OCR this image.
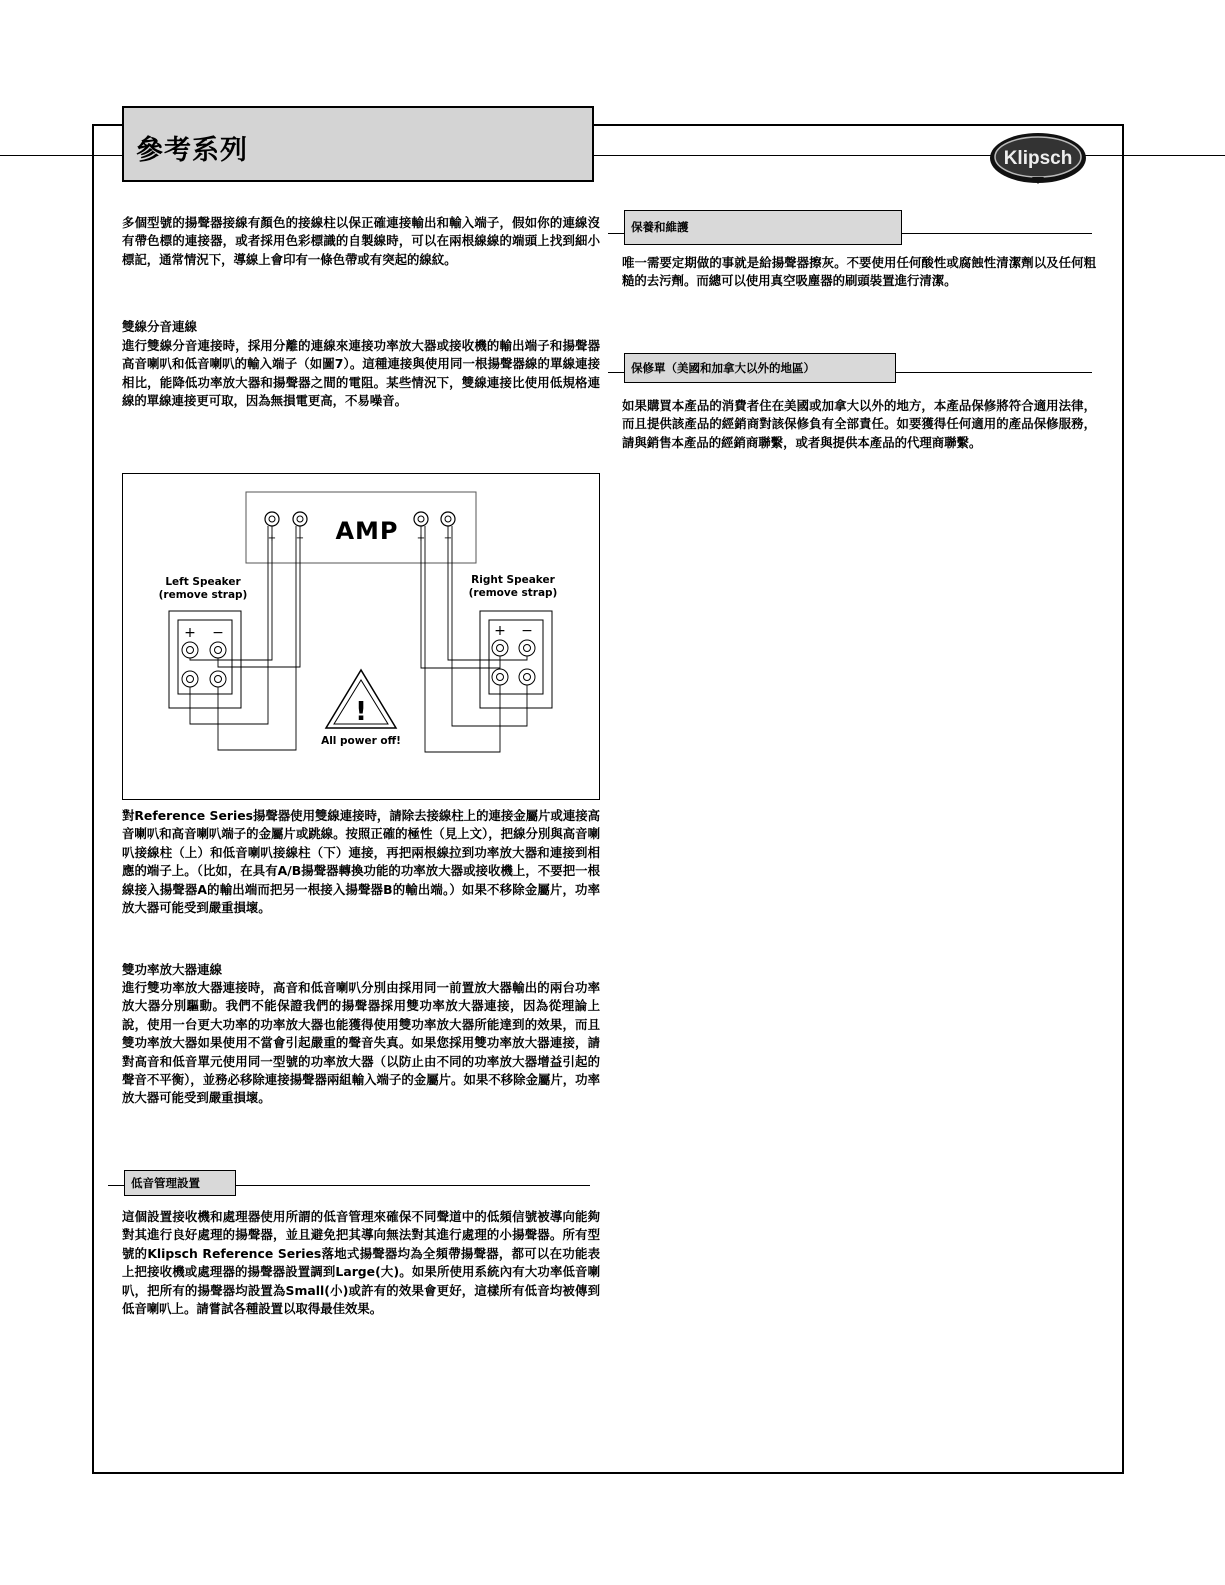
參考系列	Klipsch
多個型號的揚聲器接線有顏色的接線柱以保正確連接輸出和輸入端子，假如你的連線沒有帶色標的連接器，或者採用色彩標識的自製線時，可以在兩根線線的端頭上找到細小標記，通常情況下，導線上會印有一條色帶或有突起的線紋。
雙線分音連線
進行雙線分音連接時，採用分離的連線來連接功率放大器或接收機的輸出端子和揚聲器高音喇叭和低音喇叭的輸入端子（如圖7）。這種連接與使用同一根揚聲器線的單線連接相比，能降低功率放大器和揚聲器之間的電阻。某些情況下，雙線連接比使用低規格連線的單線連接更可取，因為無損電更高，不易噪音。
AMP
+ −	+ −
Left Speaker
(remove strap)
Right Speaker
(remove strap)
+ −	+ −
!
All power off!
對Reference Series揚聲器使用雙線連接時，請除去接線柱上的連接金屬片或連接高音喇叭和高音喇叭端子的金屬片或跳線。按照正確的極性（見上文），把線分別與高音喇叭接線柱（上）和低音喇叭接線柱（下）連接，再把兩根線拉到功率放大器和連接到相應的端子上。（比如，在具有A/B揚聲器轉換功能的功率放大器或接收機上，不要把一根線接入揚聲器A的輸出端而把另一根接入揚聲器B的輸出端。）如果不移除金屬片，功率放大器可能受到嚴重損壞。
雙功率放大器連線
進行雙功率放大器連接時，高音和低音喇叭分別由採用同一前置放大器輸出的兩台功率放大器分別驅動。我們不能保證我們的揚聲器採用雙功率放大器連接，因為從理論上說，使用一台更大功率的功率放大器也能獲得使用雙功率放大器所能達到的效果，而且雙功率放大器如果使用不當會引起嚴重的聲音失真。如果您採用雙功率放大器連接，請對高音和低音單元使用同一型號的功率放大器（以防止由不同的功率放大器增益引起的聲音不平衡），並務必移除連接揚聲器兩組輸入端子的金屬片。如果不移除金屬片，功率放大器可能受到嚴重損壞。
低音管理設置
這個設置接收機和處理器使用所謂的低音管理來確保不同聲道中的低頻信號被導向能夠對其進行良好處理的揚聲器，並且避免把其導向無法對其進行處理的小揚聲器。所有型號的Klipsch Reference Series落地式揚聲器均為全頻帶揚聲器，都可以在功能表上把接收機或處理器的揚聲器設置調到Large(大)。如果所使用系統內有大功率低音喇叭，把所有的揚聲器均設置為Small(小)或許有的效果會更好，這樣所有低音均被傳到低音喇叭上。請嘗試各種設置以取得最佳效果。
保養和維護
唯一需要定期做的事就是給揚聲器擦灰。不要使用任何酸性或腐蝕性清潔劑以及任何粗糙的去污劑。而總可以使用真空吸塵器的刷頭裝置進行清潔。
保修單（美國和加拿大以外的地區）
如果購買本產品的消費者住在美國或加拿大以外的地方，本產品保修將符合適用法律，而且提供該產品的經銷商對該保修負有全部責任。如要獲得任何適用的產品保修服務，請與銷售本產品的經銷商聯繫，或者與提供本產品的代理商聯繫。
